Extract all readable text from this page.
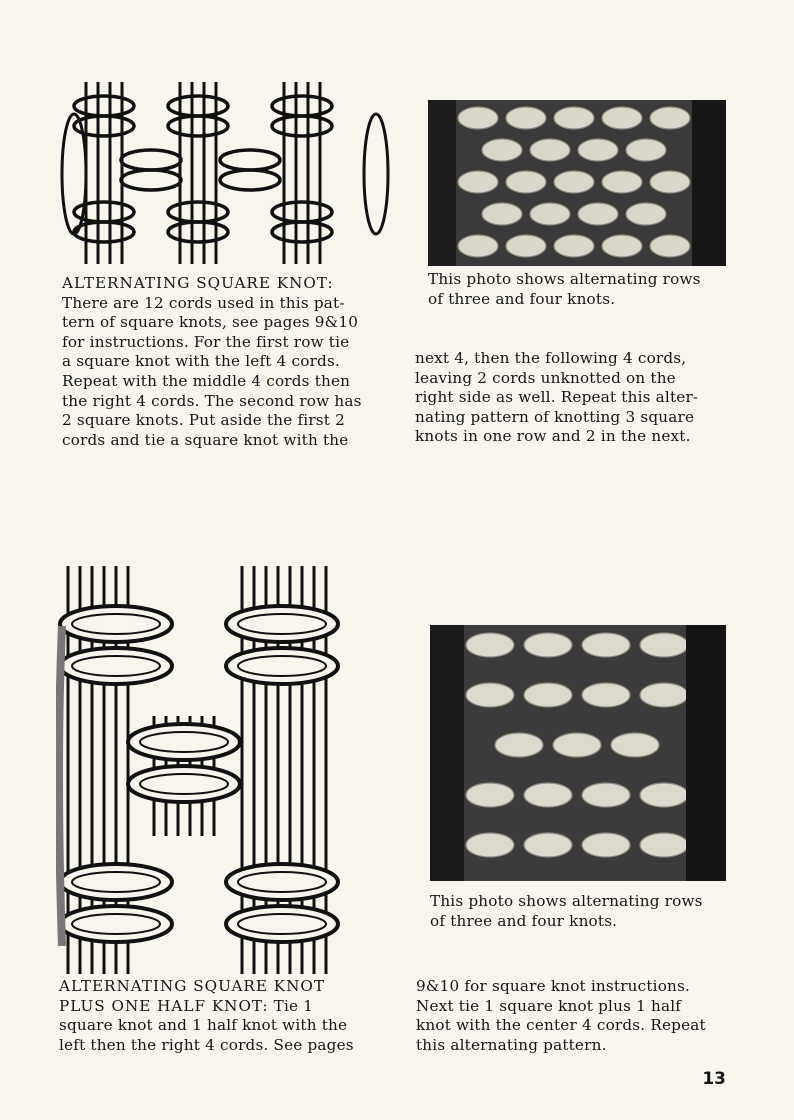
This photo shows alternating rows
of three and four knots.

ALTERNATING SQUARE KNOT:
There are 12 cords used in this pat-
tern of square knots, see pages 9&10
for instructions. For the first row tie
a square knot with the left 4 cords.
Repeat with the middle 4 cords then
the right 4 cords. The second row has
2 square knots. Put aside the first 2
cords and tie a square knot with the

next 4, then the following 4 cords,
leaving 2 cords unknotted on the
right side as well. Repeat this alter-
nating pattern of knotting 3 square
knots in one row and 2 in the next.

This photo shows alternating rows
of three and four knots.

ALTERNATING SQUARE KNOT
PLUS ONE HALF KNOT: Tie 1
square knot and 1 half knot with the
left then the right 4 cords. See pages

9&10 for square knot instructions.
Next tie 1 square knot plus 1 half
knot with the center 4 cords. Repeat
this alternating pattern.

13
